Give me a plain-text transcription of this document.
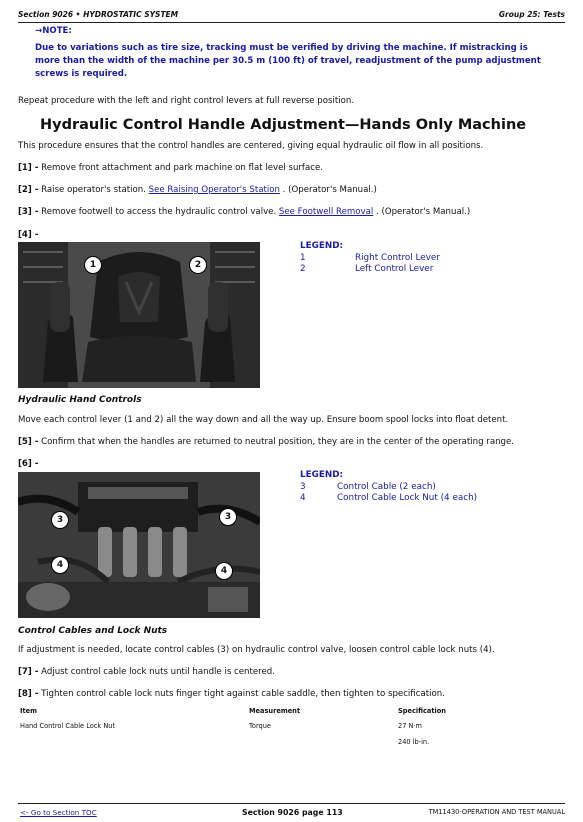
Section 9026 • HYDROSTATIC SYSTEM	Group 25: Tests
→NOTE:
Due to variations such as tire size, tracking must be verified by driving the machine. If mistracking is
more than the width of the machine per 30.5 m (100 ft) of travel, readjustment of the pump adjustment
screws is required.
Repeat procedure with the left and right control levers at full reverse position.
Hydraulic Control Handle Adjustment—Hands Only Machine
This procedure ensures that the control handles are centered, giving equal hydraulic oil flow in all positions.
[1] - Remove front attachment and park machine on flat level surface.
[2] - Raise operator's station. See Raising Operator's Station . (Operator's Manual.)
[3] - Remove footwell to access the hydraulic control valve. See Footwell Removal . (Operator's Manual.)
[4] -
1	2
LEGEND:
1	Right Control Lever
2	Left Control Lever
Hydraulic Hand Controls
Move each control lever (1 and 2) all the way down and all the way up. Ensure boom spool locks into float detent.
[5] - Confirm that when the handles are returned to neutral position, they are in the center of the operating range.
[6] -
3	3
4
4
LEGEND:
3	Control Cable (2 each)
4	Control Cable Lock Nut (4 each)
Control Cables and Lock Nuts
If adjustment is needed, locate control cables (3) on hydraulic control valve, loosen control cable lock nuts (4).
[7] - Adjust control cable lock nuts until handle is centered.
[8] - Tighten control cable lock nuts finger tight against cable saddle, then tighten to specification.
Item	Measurement	Specification
Hand Control Cable Lock Nut	Torque	27 N·m
240 lb-in.
<- Go to Section TOC	Section 9026 page 113	TM11430-OPERATION AND TEST MANUAL
